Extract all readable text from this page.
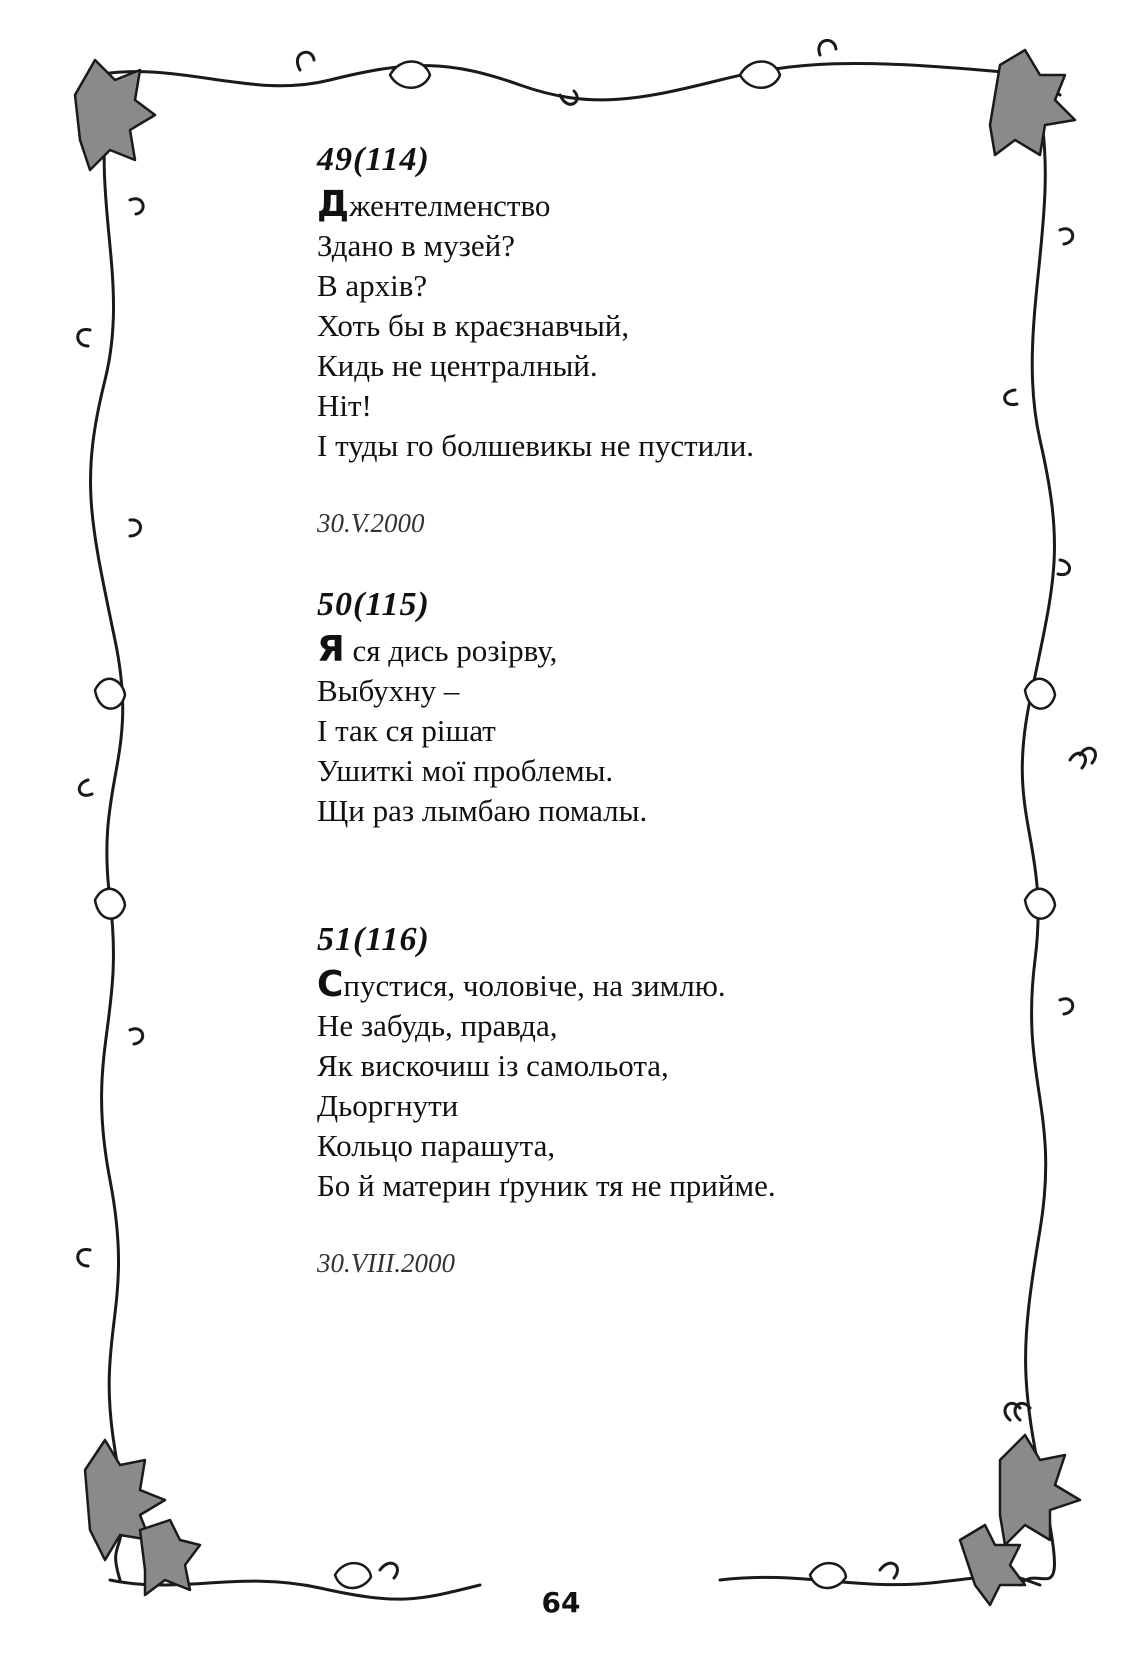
49(114)
Джентелменство
Здано в музей?
В архів?
Хоть бы в краєзнавчый,
Кидь не централный.
Ніт!
І туды го болшевикы не пустили.
30.V.2000
50(115)
Я ся дись розірву,
Выбухну –
І так ся рішат
Ушиткі мої проблемы.
Щи раз лымбаю помалы.
51(116)
Спустися, чоловіче, на зимлю.
Не забудь, правда,
Як вискочиш із самольота,
Дьоргнути
Кольцо парашута,
Бо й материн ґруник тя не прийме.
30.VIII.2000
64
